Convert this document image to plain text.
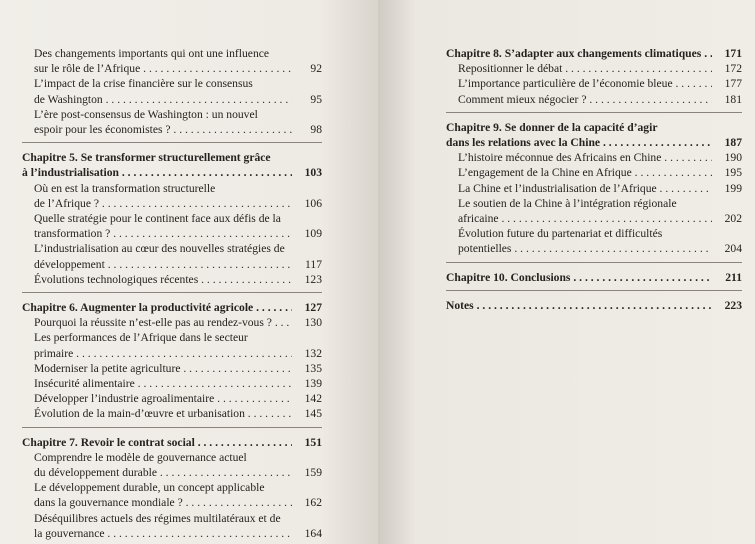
Des changements importants qui ont une influence
sur le rôle de l’Afrique . . .	92
L’impact de la crise financière sur le consensus
de Washington . . .	95
L’ère post-consensus de Washington : un nouvel
espoir pour les économistes ? . . .	98
Chapitre 5. Se transformer structurellement grâce
à l’industrialisation . . .	103
Où en est la transformation structurelle
de l’Afrique ? . . .	106
Quelle stratégie pour le continent face aux défis de la
transformation ? . . .	109
L’industrialisation au cœur des nouvelles stratégies de
développement . . .	117
Évolutions technologiques récentes . . .	123
Chapitre 6. Augmenter la productivité agricole . . .	127
Pourquoi la réussite n’est-elle pas au rendez-vous ? . . .	130
Les performances de l’Afrique dans le secteur
primaire . . .	132
Moderniser la petite agriculture . . .	135
Insécurité alimentaire . . .	139
Développer l’industrie agroalimentaire . . .	142
Évolution de la main-d’œuvre et urbanisation . . .	145
Chapitre 7. Revoir le contrat social . . .	151
Comprendre le modèle de gouvernance actuel
du développement durable . . .	159
Le développement durable, un concept applicable
dans la gouvernance mondiale ? . . .	162
Déséquilibres actuels des régimes multilatéraux et de
la gouvernance . . .	164
Chapitre 8. S’adapter aux changements climatiques . . .	171
Repositionner le débat . . .	172
L’importance particulière de l’économie bleue . . .	177
Comment mieux négocier ? . . .	181
Chapitre 9. Se donner de la capacité d’agir
dans les relations avec la Chine . . .	187
L’histoire méconnue des Africains en Chine . . .	190
L’engagement de la Chine en Afrique . . .	195
La Chine et l’industrialisation de l’Afrique . . .	199
Le soutien de la Chine à l’intégration régionale
africaine . . .	202
Évolution future du partenariat et difficultés
potentielles . . .	204
Chapitre 10. Conclusions . . .	211
Notes . . .	223
